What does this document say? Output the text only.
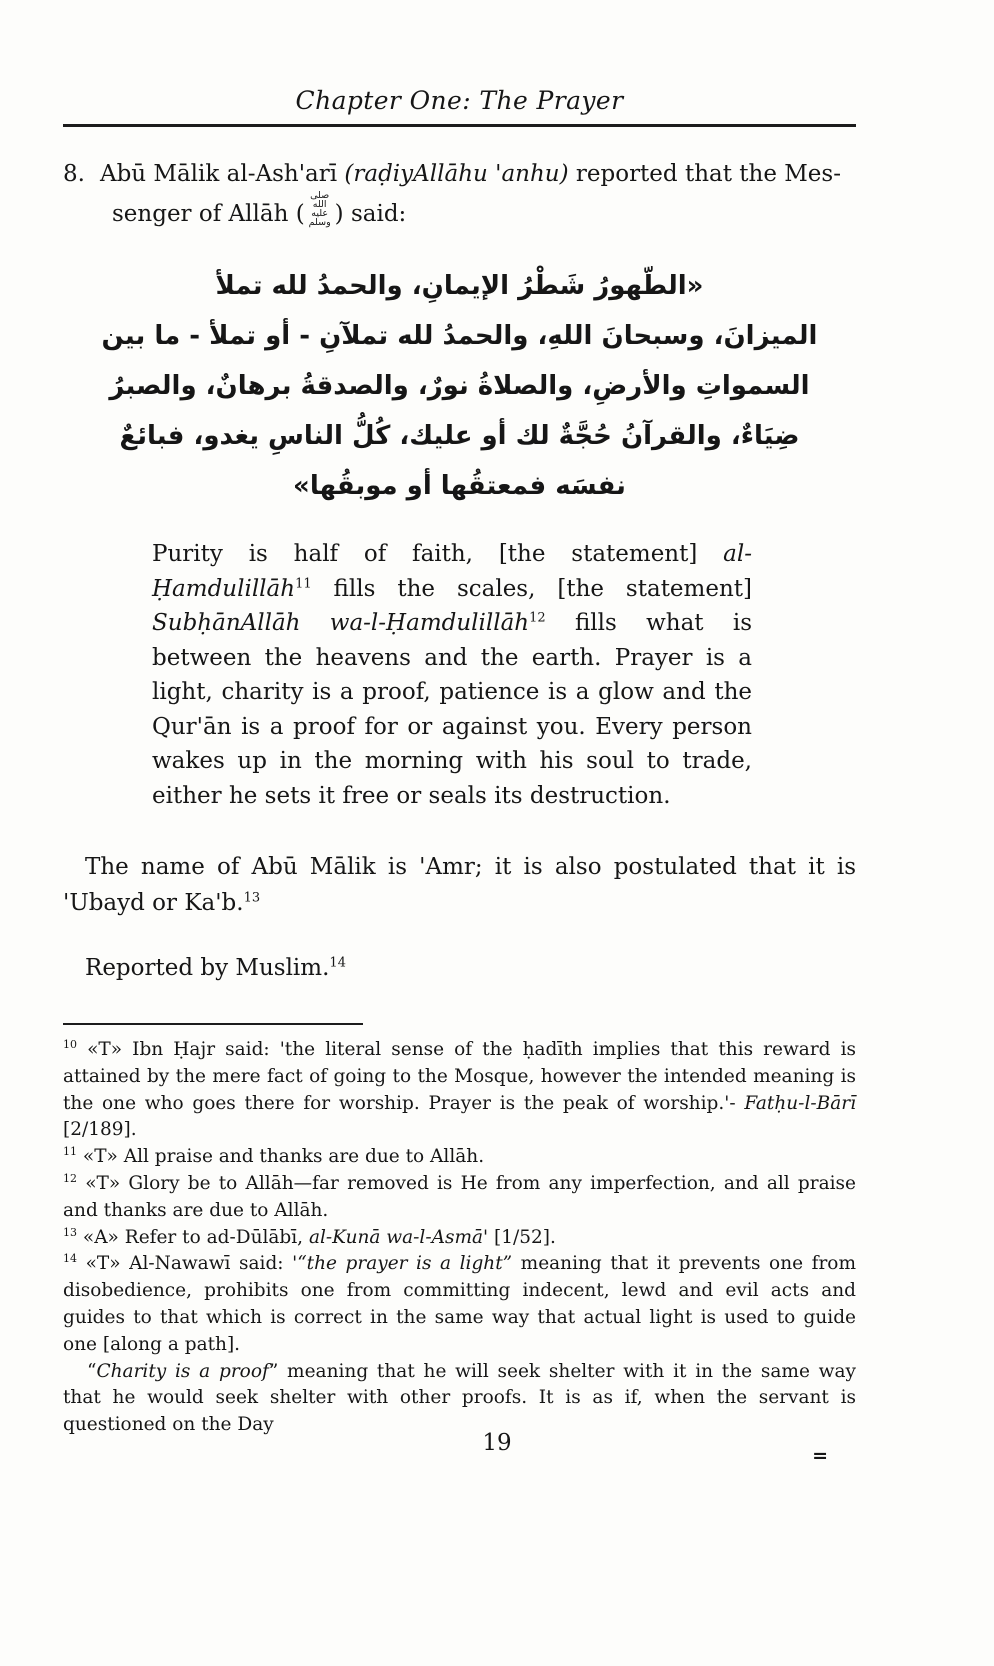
Chapter One: The Prayer

8. Abū Mālik al-Ash'arī (raḍiyAllāhu 'anhu) reported that the Mes-
senger of Allāh (صلى الله عليه وسلم ) said:

«الطّهورُ شَطْرُ الإيمانِ، والحمدُ لله تملأ
الميزانَ، وسبحانَ اللهِ، والحمدُ لله تملآنِ - أو تملأ - ما بين
السمواتِ والأرضِ، والصلاةُ نورٌ، والصدقةُ برهانٌ، والصبرُ
ضِيَاءٌ، والقرآنُ حُجَّةٌ لك أو عليك، كُلُّ الناسِ يغدو، فبائعٌ
نفسَه فمعتقُها أو موبقُها»

Purity is half of faith, [the statement] al-Ḥamdulillāh$^{11}$ fills the scales, [the statement] SubḥānAllāh wa-l-Ḥamdulillāh$^{12}$ fills what is between the heavens and the earth. Prayer is a light, charity is a proof, patience is a glow and the Qur'ān is a proof for or against you. Every person wakes up in the morning with his soul to trade, either he sets it free or seals its destruction.

The name of Abū Mālik is 'Amr; it is also postulated that it is 'Ubayd or Ka'b.$^{13}$

Reported by Muslim.$^{14}$

$^{10}$ «T» Ibn Ḥajr said: 'the literal sense of the ḥadīth implies that this reward is attained by the mere fact of going to the Mosque, however the intended meaning is the one who goes there for worship. Prayer is the peak of worship.'- Fatḥu-l-Bārī [2/189].

$^{11}$ «T» All praise and thanks are due to Allāh.

$^{12}$ «T» Glory be to Allāh—far removed is He from any imperfection, and all praise and thanks are due to Allāh.

$^{13}$ «A» Refer to ad-Dūlābī, al-Kunā wa-l-Asmā' [1/52].

$^{14}$ «T» Al-Nawawī said: '“the prayer is a light” meaning that it prevents one from disobedience, prohibits one from committing indecent, lewd and evil acts and guides to that which is correct in the same way that actual light is used to guide one [along a path].

“Charity is a proof” meaning that he will seek shelter with it in the same way that he would seek shelter with other proofs. It is as if, when the servant is questioned on the Day

=
19
